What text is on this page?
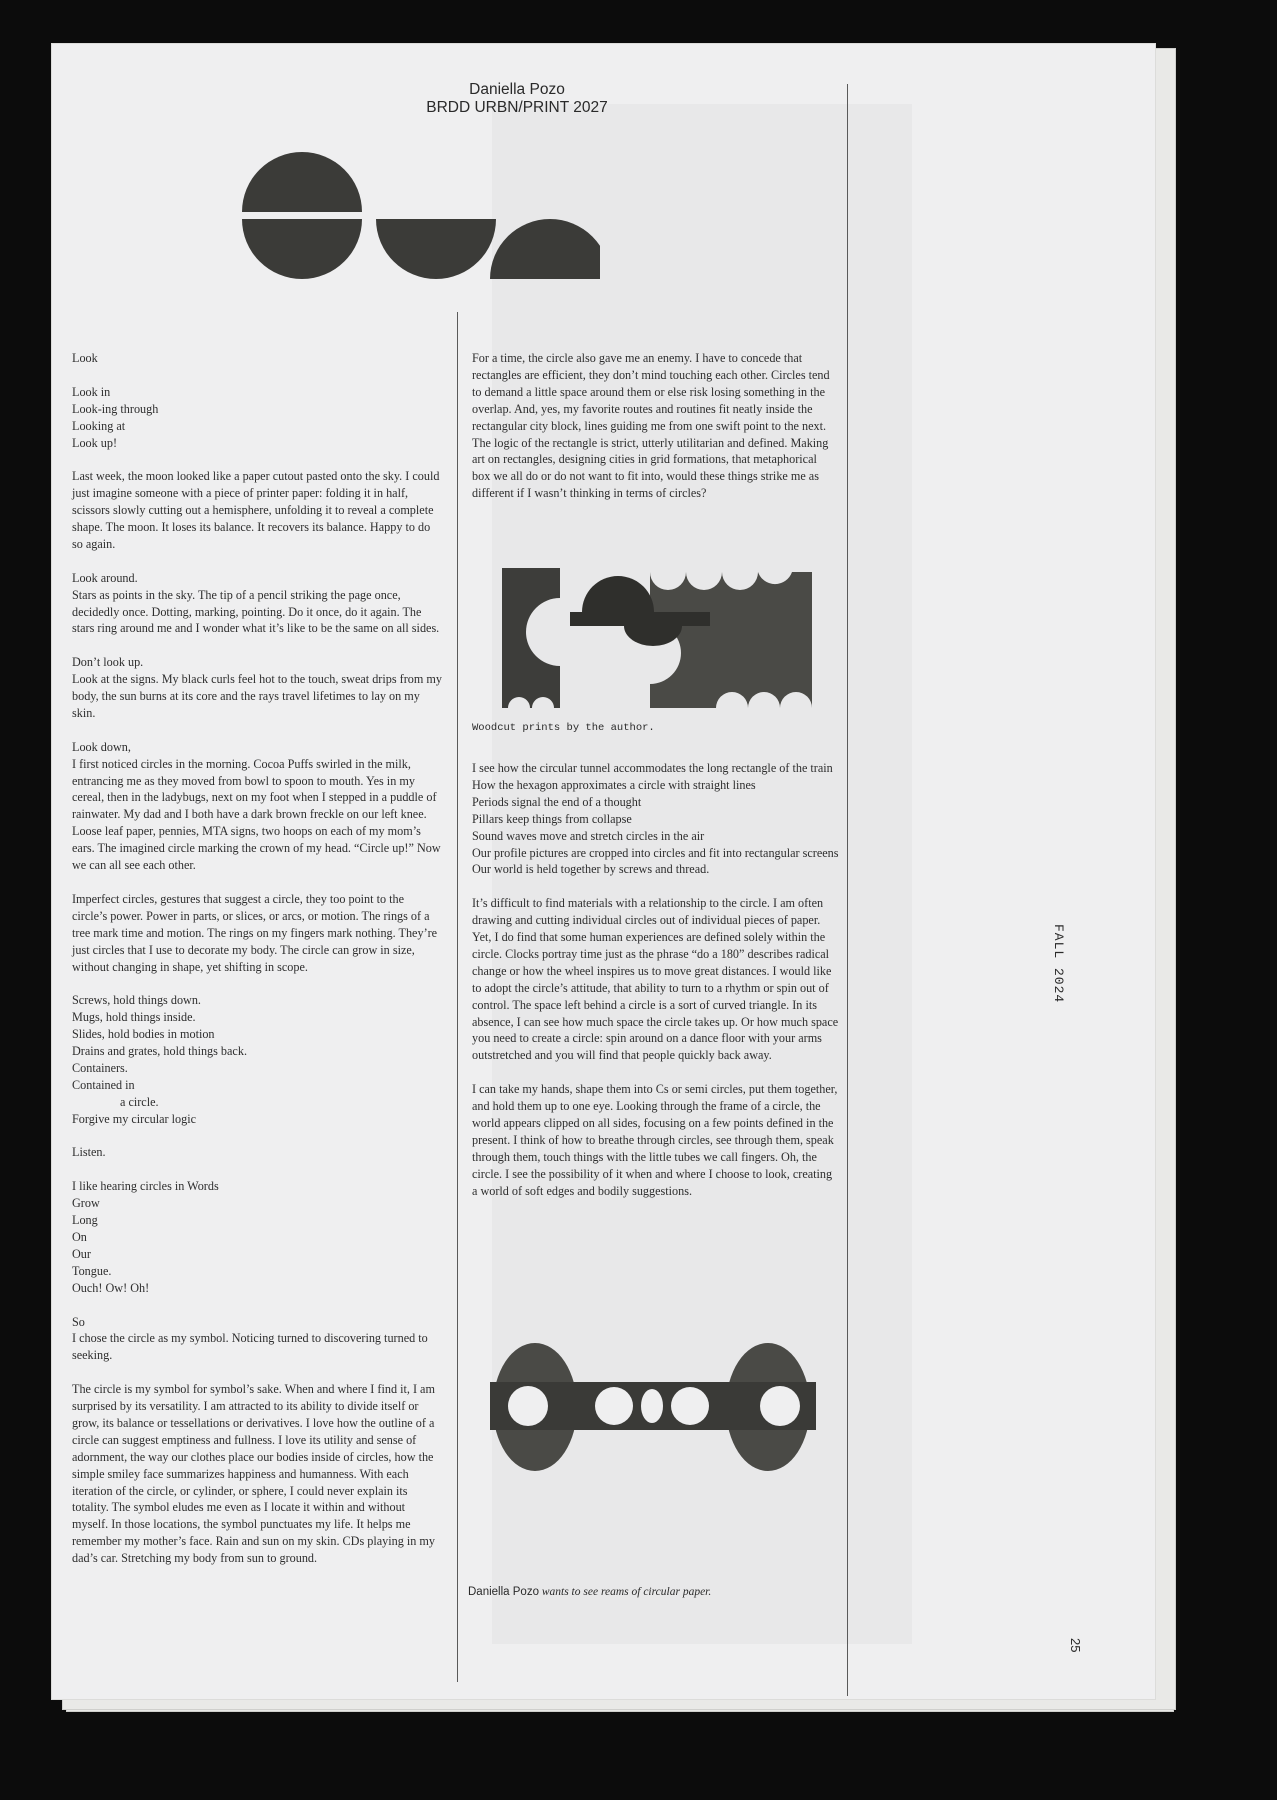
Daniella Pozo
BRDD URBN/PRINT 2027

Look
Look in
Look-ing through
Looking at
Look up!

Last week, the moon looked like a paper cutout pasted onto the sky. I could just imagine someone with a piece of printer paper: folding it in half, scissors slowly cutting out a hemisphere, unfolding it to reveal a complete shape. The moon. It loses its balance. It recovers its balance. Happy to do so again.

Look around.
Stars as points in the sky. The tip of a pencil striking the page once, decidedly once. Dotting, marking, pointing. Do it once, do it again. The stars ring around me and I wonder what it’s like to be the same on all sides.

Don’t look up.
Look at the signs. My black curls feel hot to the touch, sweat drips from my body, the sun burns at its core and the rays travel lifetimes to lay on my skin.

Look down,
I first noticed circles in the morning. Cocoa Puffs swirled in the milk, entrancing me as they moved from bowl to spoon to mouth. Yes in my cereal, then in the ladybugs, next on my foot when I stepped in a puddle of rainwater. My dad and I both have a dark brown freckle on our left knee. Loose leaf paper, pennies, MTA signs, two hoops on each of my mom’s ears. The imagined circle marking the crown of my head. “Circle up!” Now we can all see each other.

Imperfect circles, gestures that suggest a circle, they too point to the circle’s power. Power in parts, or slices, or arcs, or motion. The rings of a tree mark time and motion. The rings on my fingers mark nothing. They’re just circles that I use to decorate my body. The circle can grow in size, without changing in shape, yet shifting in scope.

Screws, hold things down.
Mugs, hold things inside.
Slides, hold bodies in motion
Drains and grates, hold things back.
Containers.
Contained in
a circle.
Forgive my circular logic

Listen.

I like hearing circles in Words
Grow
Long
On
Our
Tongue.
Ouch! Ow! Oh!

So
I chose the circle as my symbol. Noticing turned to discovering turned to seeking.

The circle is my symbol for symbol’s sake. When and where I find it, I am surprised by its versatility. I am attracted to its ability to divide itself or grow, its balance or tessellations or derivatives. I love how the outline of a circle can suggest emptiness and fullness. I love its utility and sense of adornment, the way our clothes place our bodies inside of circles, how the simple smiley face summarizes happiness and humanness. With each iteration of the circle, or cylinder, or sphere, I could never explain its totality. The symbol eludes me even as I locate it within and without myself. In those locations, the symbol punctuates my life. It helps me remember my mother’s face. Rain and sun on my skin. CDs playing in my dad’s car. Stretching my body from sun to ground.

For a time, the circle also gave me an enemy. I have to concede that rectangles are efficient, they don’t mind touching each other. Circles tend to demand a little space around them or else risk losing something in the overlap. And, yes, my favorite routes and routines fit neatly inside the rectangular city block, lines guiding me from one swift point to the next. The logic of the rectangle is strict, utterly utilitarian and defined. Making art on rectangles, designing cities in grid formations, that metaphorical box we all do or do not want to fit into, would these things strike me as different if I wasn’t thinking in terms of circles?

Woodcut prints by the author.

I see how the circular tunnel accommodates the long rectangle of the train
How the hexagon approximates a circle with straight lines
Periods signal the end of a thought
Pillars keep things from collapse
Sound waves move and stretch circles in the air
Our profile pictures are cropped into circles and fit into rectangular screens
Our world is held together by screws and thread.

It’s difficult to find materials with a relationship to the circle. I am often drawing and cutting individual circles out of individual pieces of paper. Yet, I do find that some human experiences are defined solely within the circle. Clocks portray time just as the phrase “do a 180” describes radical change or how the wheel inspires us to move great distances. I would like to adopt the circle’s attitude, that ability to turn to a rhythm or spin out of control. The space left behind a circle is a sort of curved triangle. In its absence, I can see how much space the circle takes up. Or how much space you need to create a circle: spin around on a dance floor with your arms outstretched and you will find that people quickly back away.

I can take my hands, shape them into Cs or semi circles, put them together, and hold them up to one eye. Looking through the frame of a circle, the world appears clipped on all sides, focusing on a few points defined in the present. I think of how to breathe through circles, see through them, speak through them, touch things with the little tubes we call fingers. Oh, the circle. I see the possibility of it when and where I choose to look, creating a world of soft edges and bodily suggestions.

Daniella Pozo wants to see reams of circular paper.
FALL 2024
25
